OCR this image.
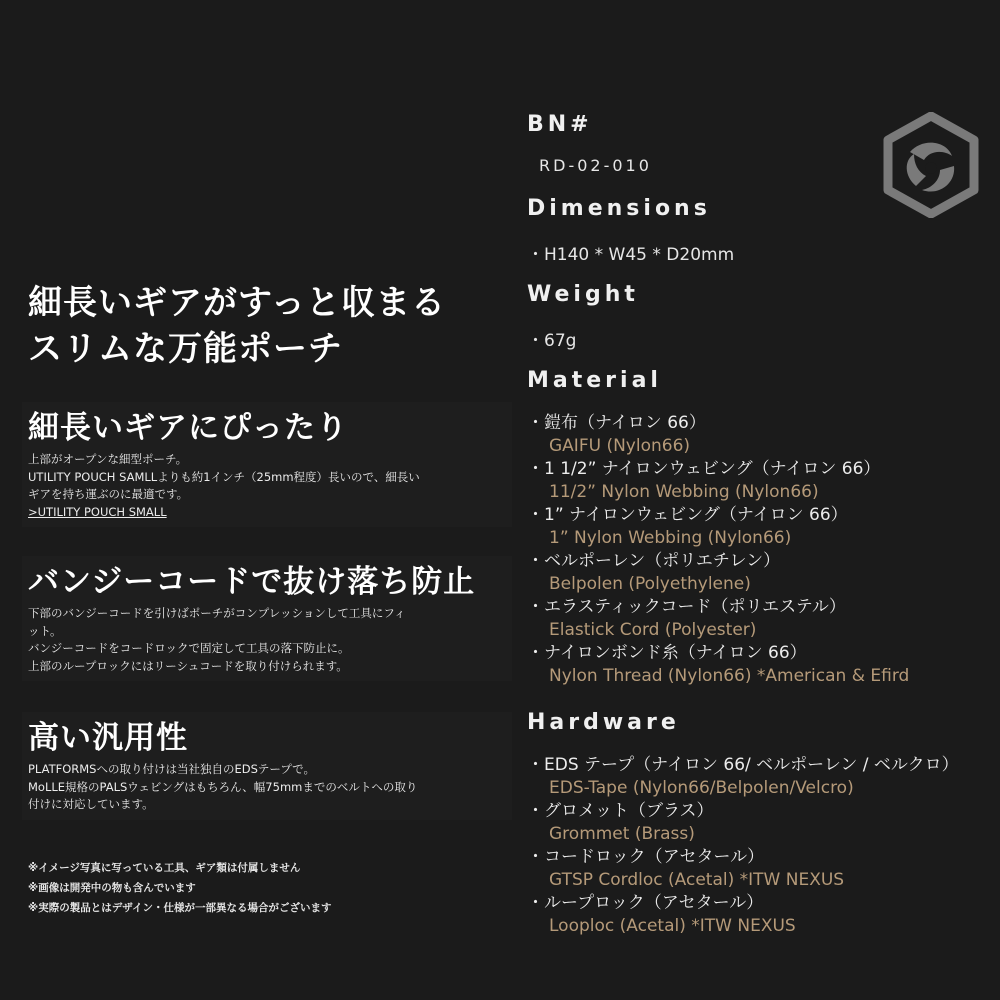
細長いギアがすっと収まる
スリムな万能ポーチ
細長いギアにぴったり

上部がオープンな細型ポーチ。
UTILITY POUCH SAMLLよりも約1インチ（25mm程度）長いので、細長い
ギアを持ち運ぶのに最適です。
>UTILITY POUCH SMALL

バンジーコードで抜け落ち防止

下部のバンジーコードを引けばポーチがコンプレッションして工具にフィ
ット。
バンジーコードをコードロックで固定して工具の落下防止に。
上部のループロックにはリーシュコードを取り付けられます。

高い汎用性

PLATFORMSへの取り付けは当社独自のEDSテープで。
MoLLE規格のPALSウェビングはもちろん、幅75mmまでのベルトへの取り
付けに対応しています。

※イメージ写真に写っている工具、ギア類は付属しません
※画像は開発中の物も含んでいます
※実際の製品とはデザイン・仕様が一部異なる場合がございます
BN#
RD-02-010
Dimensions
・H140 * W45 * D20mm
Weight
・67g
Material
・鎧布（ナイロン 66）
GAIFU (Nylon66)
・1 1/2” ナイロンウェビング（ナイロン 66）
11/2” Nylon Webbing (Nylon66)
・1” ナイロンウェビング（ナイロン 66）
1” Nylon Webbing (Nylon66)
・ベルポーレン（ポリエチレン）
Belpolen (Polyethylene)
・エラスティックコード（ポリエステル）
Elastick Cord (Polyester)
・ナイロンボンド糸（ナイロン 66）
Nylon Thread (Nylon66) *American & Efird
Hardware
・EDS テープ（ナイロン 66/ ベルポーレン / ベルクロ）
EDS-Tape (Nylon66/Belpolen/Velcro)
・グロメット（ブラス）
Grommet (Brass)
・コードロック（アセタール）
GTSP Cordloc (Acetal) *ITW NEXUS
・ループロック（アセタール）
Looploc (Acetal) *ITW NEXUS
